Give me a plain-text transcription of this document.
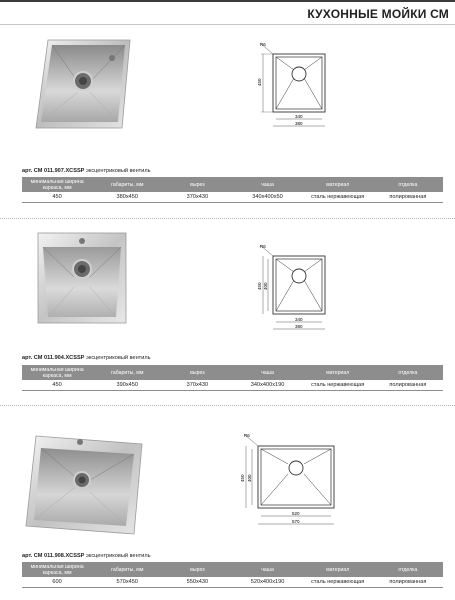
КУХОННЫЕ МОЙКИ СМ
R6
450
340
380
арт. СМ 011.907.XCSSP эксцентриковый вентиль
минимальная ширина каркаса, мм	габариты, мм	вырез	чаша	материал	отделка
450	380х450	370х430	340х400х50	сталь нержавеющая	полированная
R6
450 400
340
380
арт. СМ 011.904.XCSSP эксцентриковый вентиль
минимальная ширина каркаса, мм	габариты, мм	вырез	чаша	материал	отделка
450	390х450	370х430	340х400х190	сталь нержавеющая	полированная
R6
450 400
520
570
арт. СМ 011.908.XCSSP эксцентриковый вентиль
минимальная ширина каркаса, мм	габариты, мм	вырез	чаша	материал	отделка
600	570х450	550х430	520х400х190	сталь нержавеющая	полированная
